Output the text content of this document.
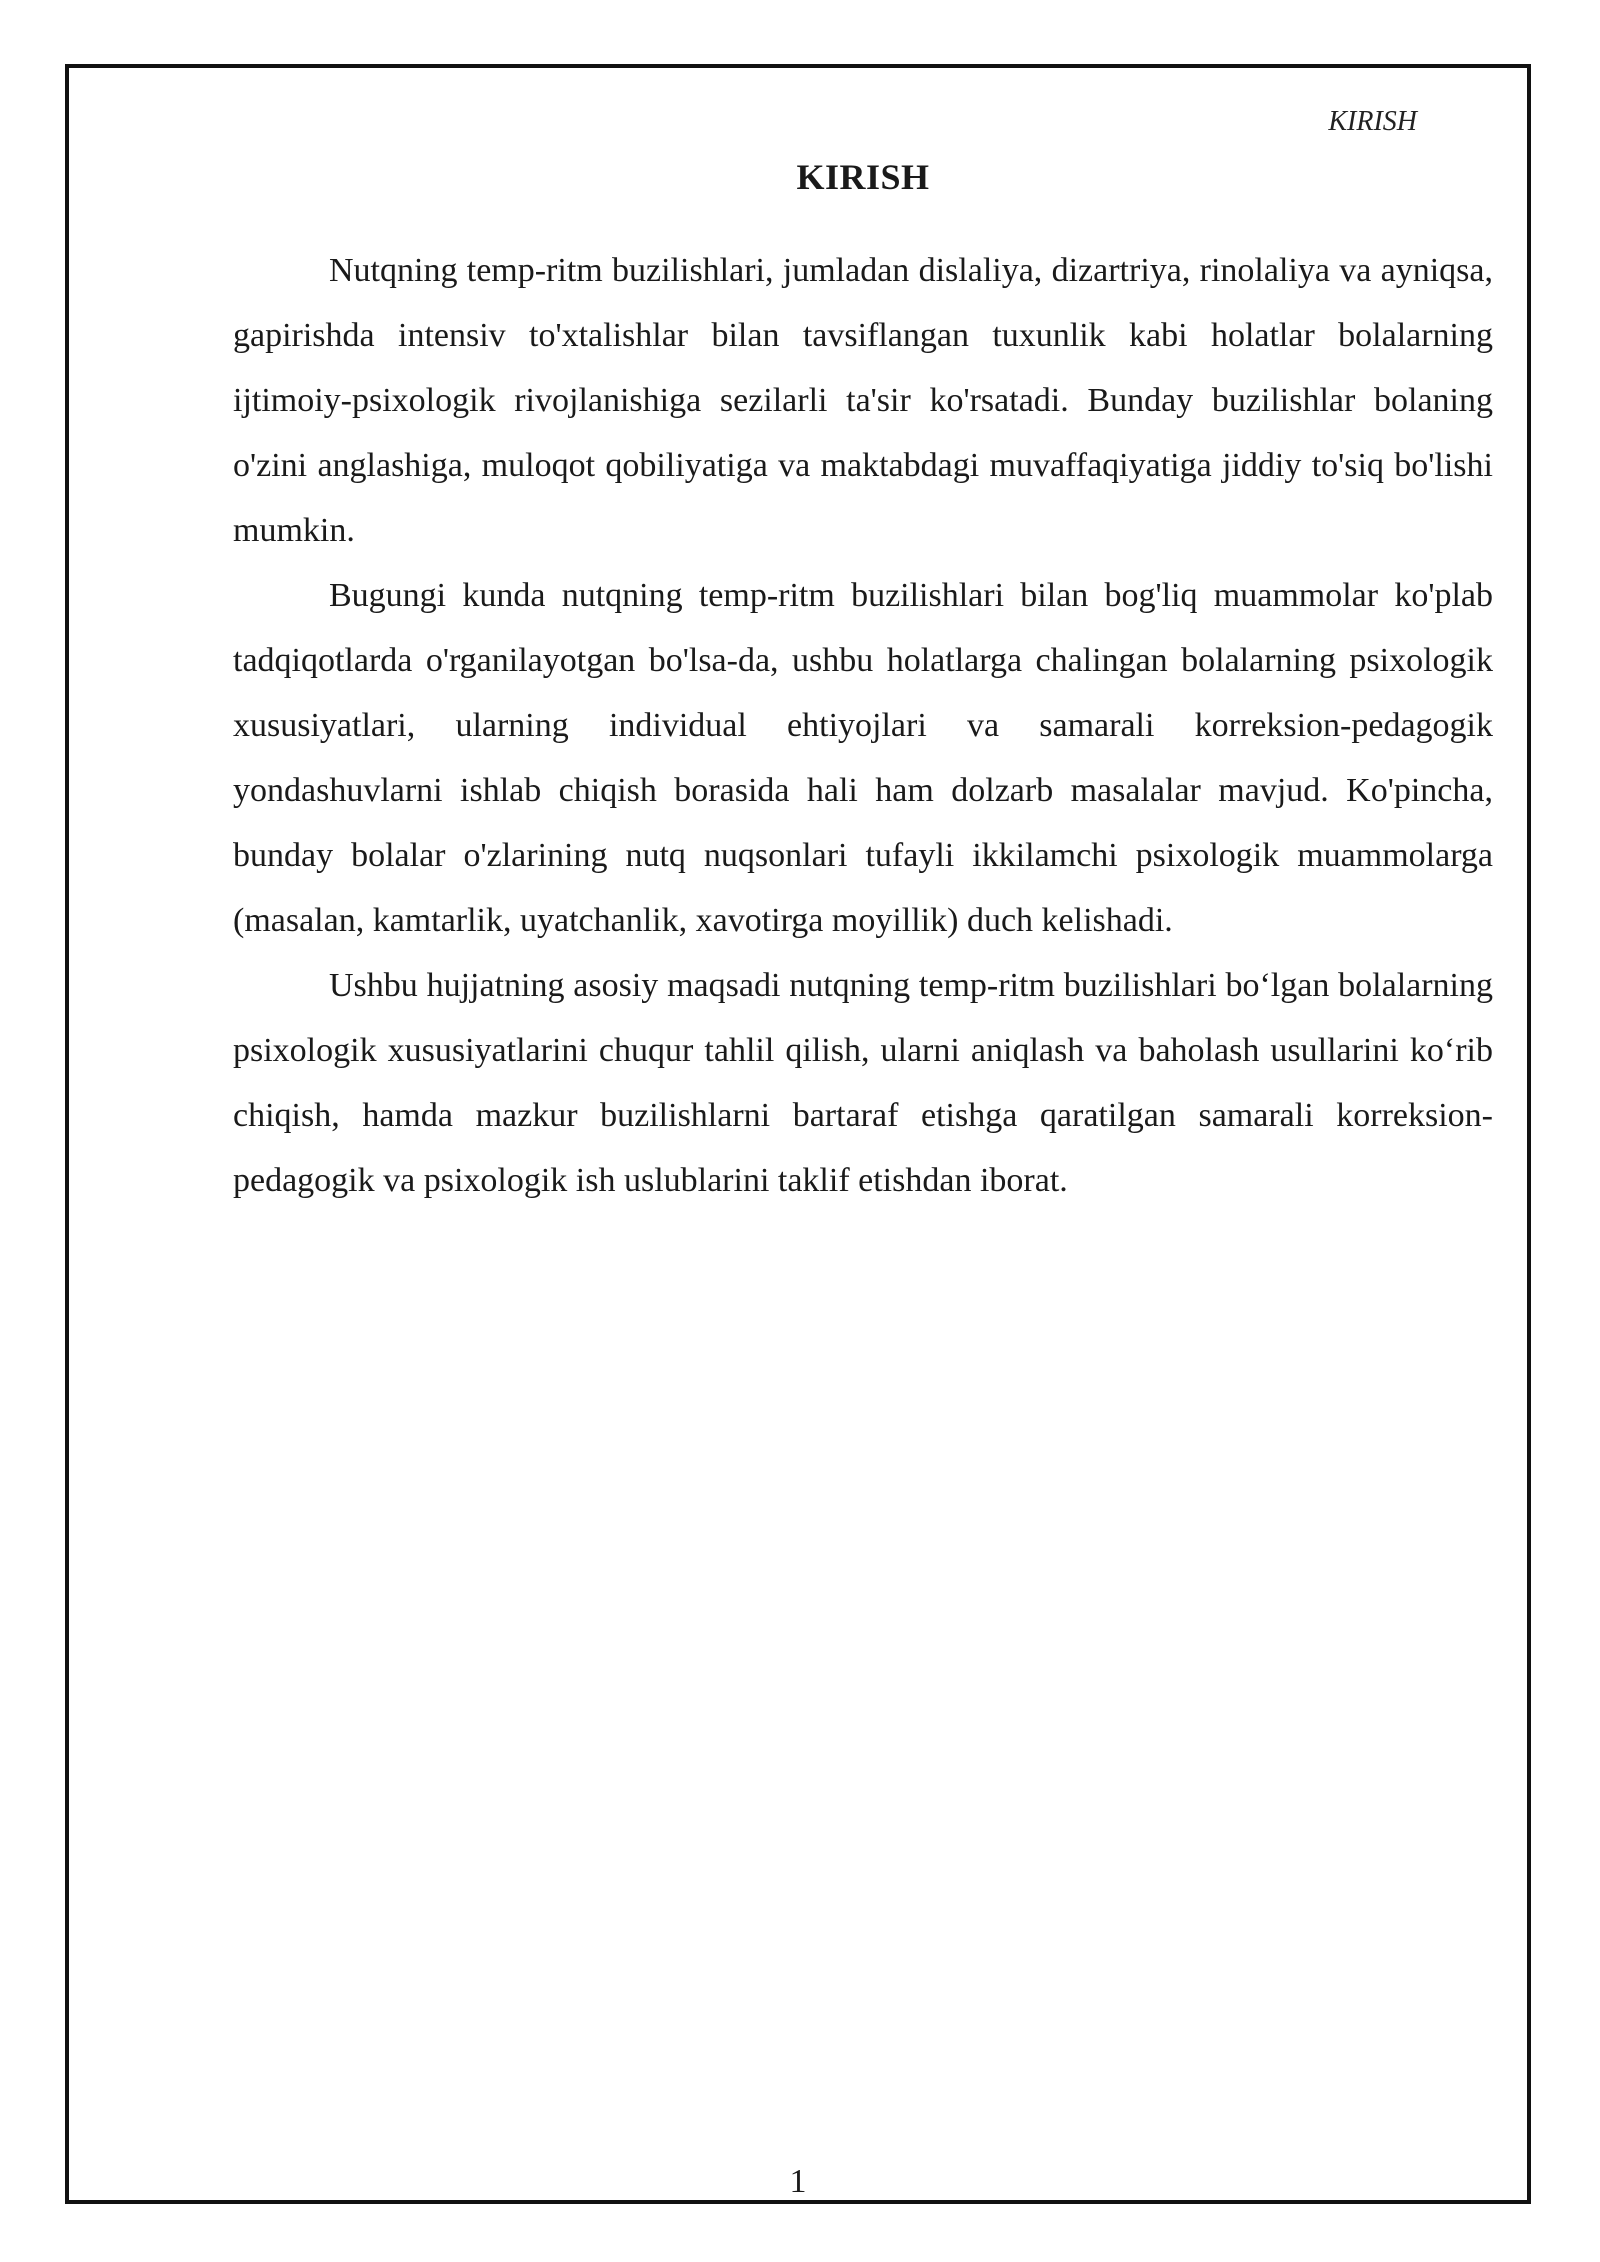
KIRISH
KIRISH

Nutqning temp-ritm buzilishlari, jumladan dislaliya, dizartriya, rinolaliya va ayniqsa, gapirishda intensiv to'xtalishlar bilan tavsiflangan tuxunlik kabi holatlar bolalarning ijtimoiy-psixologik rivojlanishiga sezilarli ta'sir ko'rsatadi. Bunday buzilishlar bolaning o'zini anglashiga, muloqot qobiliyatiga va maktabdagi muvaffaqiyatiga jiddiy to'siq bo'lishi mumkin.

Bugungi kunda nutqning temp-ritm buzilishlari bilan bog'liq muammolar ko'plab tadqiqotlarda o'rganilayotgan bo'lsa-da, ushbu holatlarga chalingan bolalarning psixologik xususiyatlari, ularning individual ehtiyojlari va samarali korreksion-pedagogik yondashuvlarni ishlab chiqish borasida hali ham dolzarb masalalar mavjud. Ko'pincha, bunday bolalar o'zlarining nutq nuqsonlari tufayli ikkilamchi psixologik muammolarga (masalan, kamtarlik, uyatchanlik, xavotirga moyillik) duch kelishadi.

Ushbu hujjatning asosiy maqsadi nutqning temp-ritm buzilishlari bo‘lgan bolalarning psixologik xususiyatlarini chuqur tahlil qilish, ularni aniqlash va baholash usullarini ko‘rib chiqish, hamda mazkur buzilishlarni bartaraf etishga qaratilgan samarali korreksion-pedagogik va psixologik ish uslublarini taklif etishdan iborat.

1
